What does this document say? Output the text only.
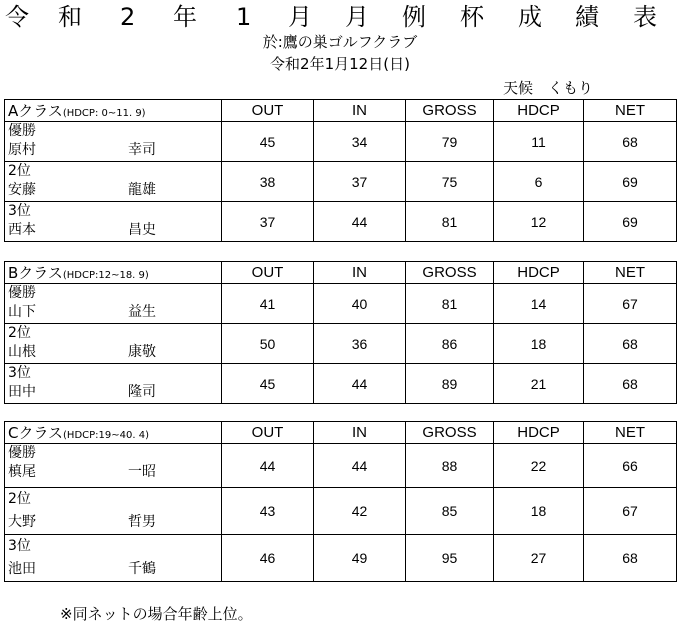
令 和 2 年 1 月 月 例 杯 成 績 表
於:鷹の巣ゴルフクラブ
令和2年1月12日(日)
天候　くもり
Aクラス(HDCP: 0~11. 9)	OUT	IN	GROSS	HDCP	NET

優勝
原村 幸司	45	34	79	11	68

2位
安藤 龍雄	38	37	75	6	69

3位
西本 昌史	37	44	81	12	69
Bクラス(HDCP:12~18. 9)	OUT	IN	GROSS	HDCP	NET

優勝
山下 益生	41	40	81	14	67

2位
山根 康敬	50	36	86	18	68

3位
田中 隆司	45	44	89	21	68
Cクラス(HDCP:19~40. 4)	OUT	IN	GROSS	HDCP	NET

優勝
槙尾 一昭	44	44	88	22	66

2位
大野 哲男	43	42	85	18	67

3位
池田 千鶴	46	49	95	27	68
※同ネットの場合年齢上位。
